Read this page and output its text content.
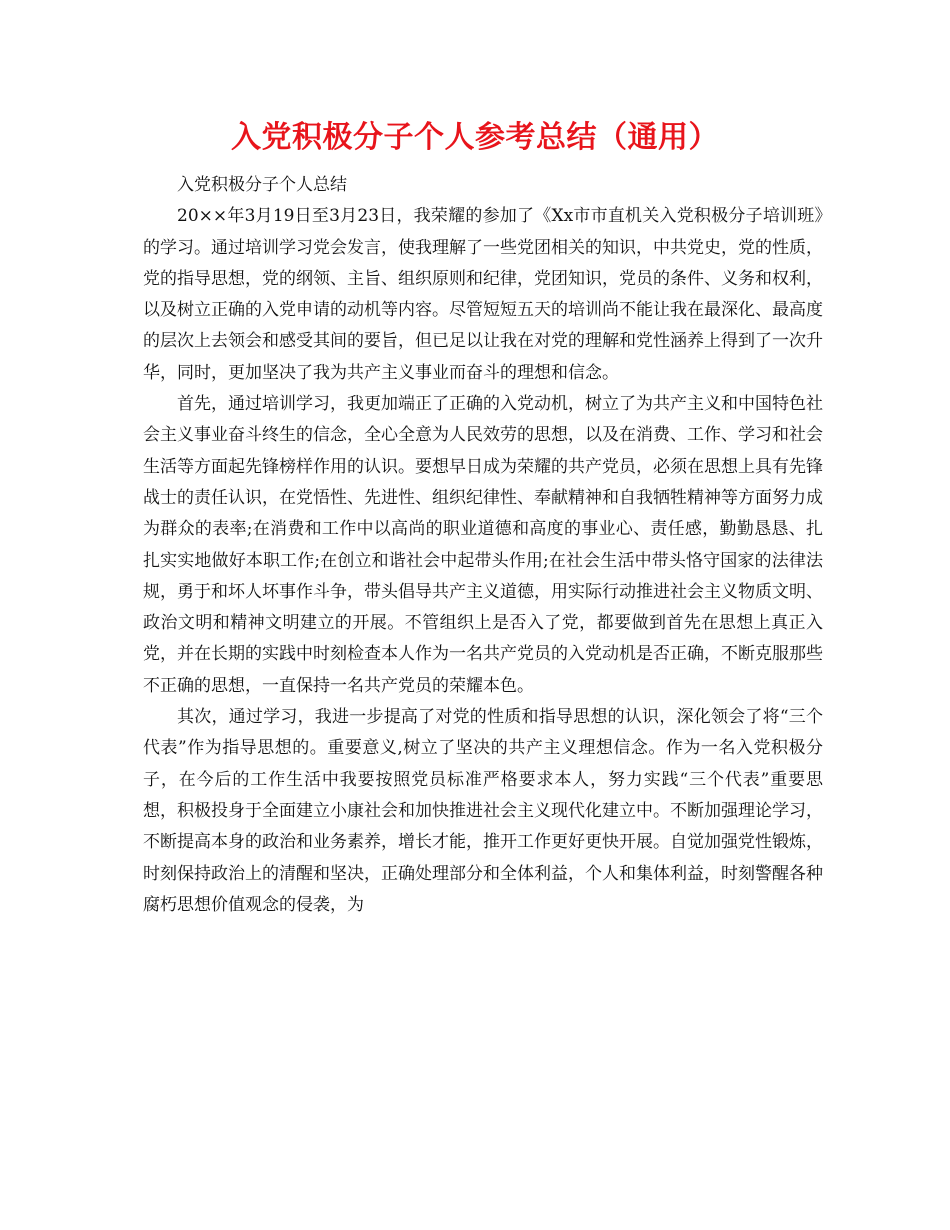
入党积极分子个人参考总结（通用）

入党积极分子个人总结

20××年3月19日至3月23日，我荣耀的参加了《Xx市市直机关入党积极分子培训班》的学习。通过培训学习党会发言，使我理解了一些党团相关的知识，中共党史，党的性质，党的指导思想，党的纲领、主旨、组织原则和纪律，党团知识，党员的条件、义务和权利，以及树立正确的入党申请的动机等内容。尽管短短五天的培训尚不能让我在最深化、最高度的层次上去领会和感受其间的要旨，但已足以让我在对党的理解和党性涵养上得到了一次升华，同时，更加坚决了我为共产主义事业而奋斗的理想和信念。

首先，通过培训学习，我更加端正了正确的入党动机，树立了为共产主义和中国特色社会主义事业奋斗终生的信念，全心全意为人民效劳的思想，以及在消费、工作、学习和社会生活等方面起先锋榜样作用的认识。要想早日成为荣耀的共产党员，必须在思想上具有先锋战士的责任认识，在党悟性、先进性、组织纪律性、奉献精神和自我牺牲精神等方面努力成为群众的表率;在消费和工作中以高尚的职业道德和高度的事业心、责任感，勤勤恳恳、扎扎实实地做好本职工作;在创立和谐社会中起带头作用;在社会生活中带头恪守国家的法律法规，勇于和坏人坏事作斗争，带头倡导共产主义道德，用实际行动推进社会主义物质文明、政治文明和精神文明建立的开展。不管组织上是否入了党，都要做到首先在思想上真正入党，并在长期的实践中时刻检查本人作为一名共产党员的入党动机是否正确，不断克服那些不正确的思想，一直保持一名共产党员的荣耀本色。

其次，通过学习，我进一步提高了对党的性质和指导思想的认识，深化领会了将“三个代表”作为指导思想的。重要意义,树立了坚决的共产主义理想信念。作为一名入党积极分子，在今后的工作生活中我要按照党员标准严格要求本人，努力实践“三个代表”重要思想，积极投身于全面建立小康社会和加快推进社会主义现代化建立中。不断加强理论学习，不断提高本身的政治和业务素养，增长才能，推开工作更好更快开展。自觉加强党性锻炼，时刻保持政治上的清醒和坚决，正确处理部分和全体利益，个人和集体利益，时刻警醒各种腐朽思想价值观念的侵袭，为
